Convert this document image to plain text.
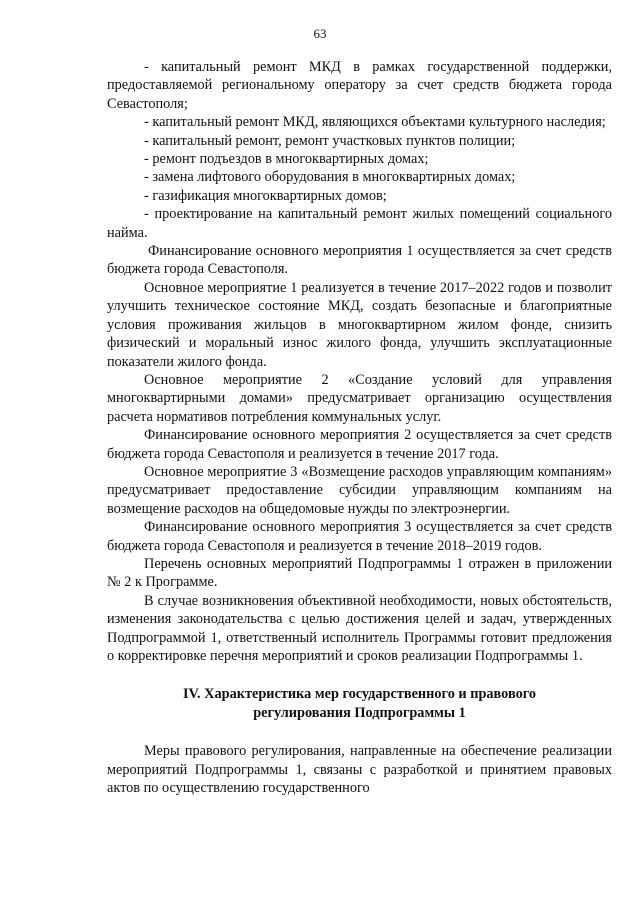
63

- капитальный ремонт МКД в рамках государственной поддержки, предоставляемой региональному оператору за счет средств бюджета города Севастополя;

- капитальный ремонт МКД, являющихся объектами культурного наследия;

- капитальный ремонт, ремонт участковых пунктов полиции;

- ремонт подъездов в многоквартирных домах;

- замена лифтового оборудования в многоквартирных домах;

- газификация многоквартирных домов;

- проектирование на капитальный ремонт жилых помещений социального найма.

Финансирование основного мероприятия 1 осуществляется за счет средств бюджета города Севастополя.

Основное мероприятие 1 реализуется в течение 2017–2022 годов и позволит улучшить техническое состояние МКД, создать безопасные и благоприятные условия проживания жильцов в многоквартирном жилом фонде, снизить физический и моральный износ жилого фонда, улучшить эксплуатационные показатели жилого фонда.

Основное мероприятие 2 «Создание условий для управления многоквартирными домами» предусматривает организацию осуществления расчета нормативов потребления коммунальных услуг.

Финансирование основного мероприятия 2 осуществляется за счет средств бюджета города Севастополя и реализуется в течение 2017 года.

Основное мероприятие 3 «Возмещение расходов управляющим компаниям» предусматривает предоставление субсидии управляющим компаниям на возмещение расходов на общедомовые нужды по электроэнергии.

Финансирование основного мероприятия 3 осуществляется за счет средств бюджета города Севастополя и реализуется в течение 2018–2019 годов.

Перечень основных мероприятий Подпрограммы 1 отражен в приложении № 2 к Программе.

В случае возникновения объективной необходимости, новых обстоятельств, изменения законодательства с целью достижения целей и задач, утвержденных Подпрограммой 1, ответственный исполнитель Программы готовит предложения о корректировке перечня мероприятий и сроков реализации Подпрограммы 1.

IV. Характеристика мер государственного и правового
регулирования Подпрограммы 1

Меры правового регулирования, направленные на обеспечение реализации мероприятий Подпрограммы 1, связаны с разработкой и принятием правовых актов по осуществлению государственного
